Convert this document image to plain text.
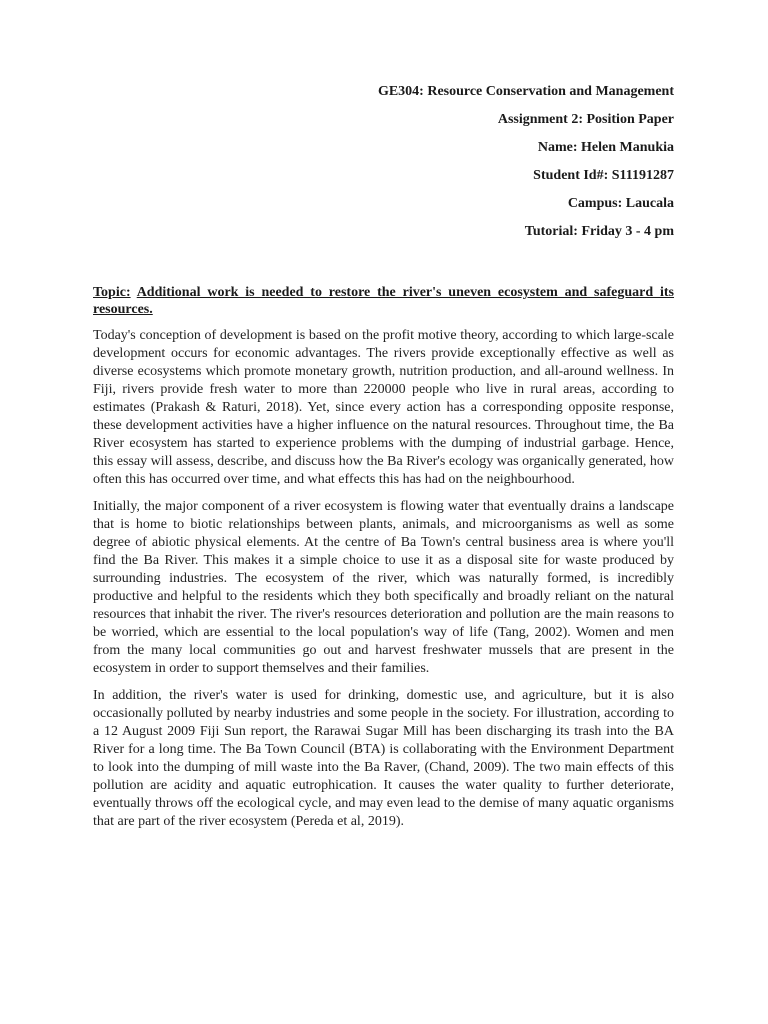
GE304: Resource Conservation and Management

Assignment 2: Position Paper

Name: Helen Manukia

Student Id#: S11191287

Campus: Laucala

Tutorial: Friday 3 - 4 pm

Topic: Additional work is needed to restore the river's uneven ecosystem and safeguard its resources.

Today's conception of development is based on the profit motive theory, according to which large-scale development occurs for economic advantages. The rivers provide exceptionally effective as well as diverse ecosystems which promote monetary growth, nutrition production, and all-around wellness. In Fiji, rivers provide fresh water to more than 220000 people who live in rural areas, according to estimates (Prakash & Raturi, 2018). Yet, since every action has a corresponding opposite response, these development activities have a higher influence on the natural resources. Throughout time, the Ba River ecosystem has started to experience problems with the dumping of industrial garbage. Hence, this essay will assess, describe, and discuss how the Ba River's ecology was organically generated, how often this has occurred over time, and what effects this has had on the neighbourhood.

Initially, the major component of a river ecosystem is flowing water that eventually drains a landscape that is home to biotic relationships between plants, animals, and microorganisms as well as some degree of abiotic physical elements. At the centre of Ba Town's central business area is where you'll find the Ba River. This makes it a simple choice to use it as a disposal site for waste produced by surrounding industries. The ecosystem of the river, which was naturally formed, is incredibly productive and helpful to the residents which they both specifically and broadly reliant on the natural resources that inhabit the river. The river's resources deterioration and pollution are the main reasons to be worried, which are essential to the local population's way of life (Tang, 2002). Women and men from the many local communities go out and harvest freshwater mussels that are present in the ecosystem in order to support themselves and their families.

In addition, the river's water is used for drinking, domestic use, and agriculture, but it is also occasionally polluted by nearby industries and some people in the society. For illustration, according to a 12 August 2009 Fiji Sun report, the Rarawai Sugar Mill has been discharging its trash into the BA River for a long time. The Ba Town Council (BTA) is collaborating with the Environment Department to look into the dumping of mill waste into the Ba Raver, (Chand, 2009). The two main effects of this pollution are acidity and aquatic eutrophication. It causes the water quality to further deteriorate, eventually throws off the ecological cycle, and may even lead to the demise of many aquatic organisms that are part of the river ecosystem (Pereda et al, 2019).
